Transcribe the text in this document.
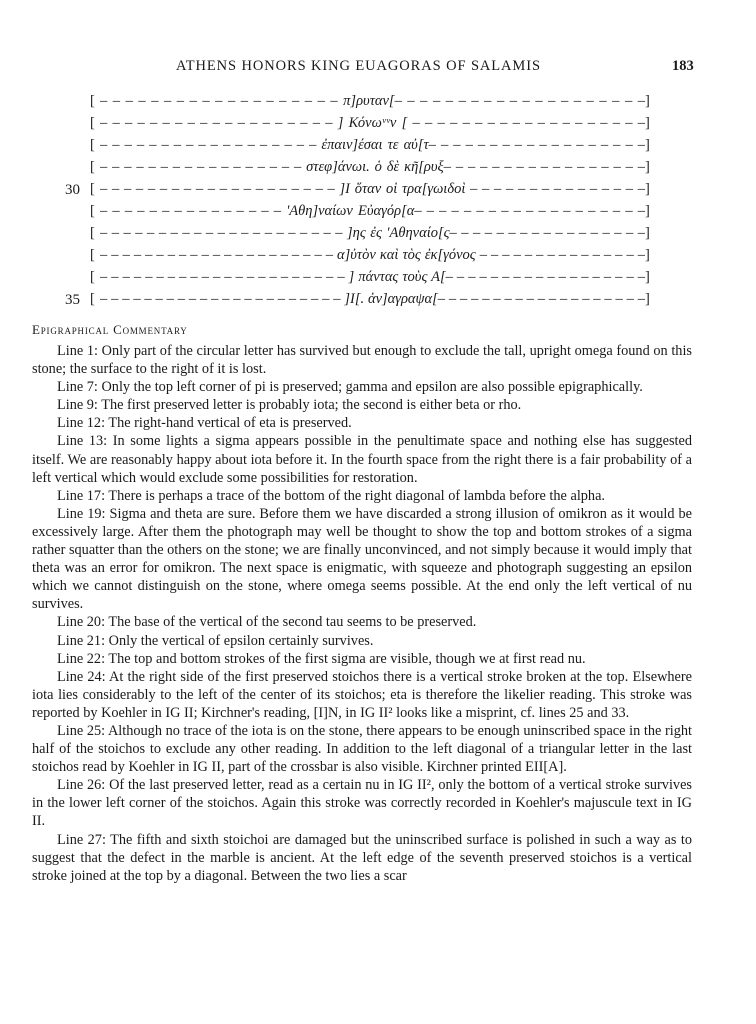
ATHENS HONORS KING EUAGORAS OF SALAMIS	183

[

– – – – – – – – – – – – – – – – – – – π]ρυταν[– – – – – – – – – – – – – – – – – – – –

]

[

– – – – – – – – – – – – – – – – – – – ] Κόνωᵛᵛν [ – – – – – – – – – – – – – – – – – – –

]

[

– – – – – – – – – – – – – – – – – – ἐπαιν]έσαι τε αὐ[τ– – – – – – – – – – – – – – – – – –

]

[

– – – – – – – – – – – – – – – – – στεφ]άνωι. ὁ δὲ κῆ[ρυξ– – – – – – – – – – – – – – – – –

]

30

[

– – – – – – – – – – – – – – – – – – – – ]Ι ὅταν οἱ τρα[γωιδοὶ – – – – – – – – – – – – – – –

]

[

– – – – – – – – – – – – – – – 'Αθη]ναίων Εὐαγόρ[α– – – – – – – – – – – – – – – – – – –

]

[

– – – – – – – – – – – – – – – – – – – – – ]ης ἐς 'Αθηναίο[ς– – – – – – – – – – – – – – – – –

]

[

– – – – – – – – – – – – – – – – – – – – – α]ὐτὸν καὶ τὸς ἐκ[γόνος – – – – – – – – – – – – – – –

]

[

– – – – – – – – – – – – – – – – – – – – – – ] πάντας τοὺς Α[– – – – – – – – – – – – – – – – – –

]

35

[

– – – – – – – – – – – – – – – – – – – – – – ]Ι[. ἀν]αγραψα[– – – – – – – – – – – – – – – – – – –

]

Epigraphical Commentary

Line 1: Only part of the circular letter has survived but enough to exclude the tall, upright omega found on this stone; the surface to the right of it is lost.

Line 7: Only the top left corner of pi is preserved; gamma and epsilon are also possible epigraphically.

Line 9: The first preserved letter is probably iota; the second is either beta or rho.

Line 12: The right-hand vertical of eta is preserved.

Line 13: In some lights a sigma appears possible in the penultimate space and nothing else has suggested itself. We are reasonably happy about iota before it. In the fourth space from the right there is a fair probability of a left vertical which would exclude some possibilities for restoration.

Line 17: There is perhaps a trace of the bottom of the right diagonal of lambda before the alpha.

Line 19: Sigma and theta are sure. Before them we have discarded a strong illusion of omikron as it would be excessively large. After them the photograph may well be thought to show the top and bottom strokes of a sigma rather squatter than the others on the stone; we are finally unconvinced, and not simply because it would imply that theta was an error for omikron. The next space is enigmatic, with squeeze and photograph suggesting an epsilon which we cannot distinguish on the stone, where omega seems possible. At the end only the left vertical of nu survives.

Line 20: The base of the vertical of the second tau seems to be preserved.

Line 21: Only the vertical of epsilon certainly survives.

Line 22: The top and bottom strokes of the first sigma are visible, though we at first read nu.

Line 24: At the right side of the first preserved stoichos there is a vertical stroke broken at the top. Elsewhere iota lies considerably to the left of the center of its stoichos; eta is therefore the likelier reading. This stroke was reported by Koehler in IG II; Kirchner's reading, [I]N, in IG II² looks like a misprint, cf. lines 25 and 33.

Line 25: Although no trace of the iota is on the stone, there appears to be enough uninscribed space in the right half of the stoichos to exclude any other reading. In addition to the left diagonal of a triangular letter in the last stoichos read by Koehler in IG II, part of the crossbar is also visible. Kirchner printed EΙΙ[Α].

Line 26: Of the last preserved letter, read as a certain nu in IG II², only the bottom of a vertical stroke survives in the lower left corner of the stoichos. Again this stroke was correctly recorded in Koehler's majuscule text in IG II.

Line 27: The fifth and sixth stoichoi are damaged but the uninscribed surface is polished in such a way as to suggest that the defect in the marble is ancient. At the left edge of the seventh preserved stoichos is a vertical stroke joined at the top by a diagonal. Between the two lies a scar
